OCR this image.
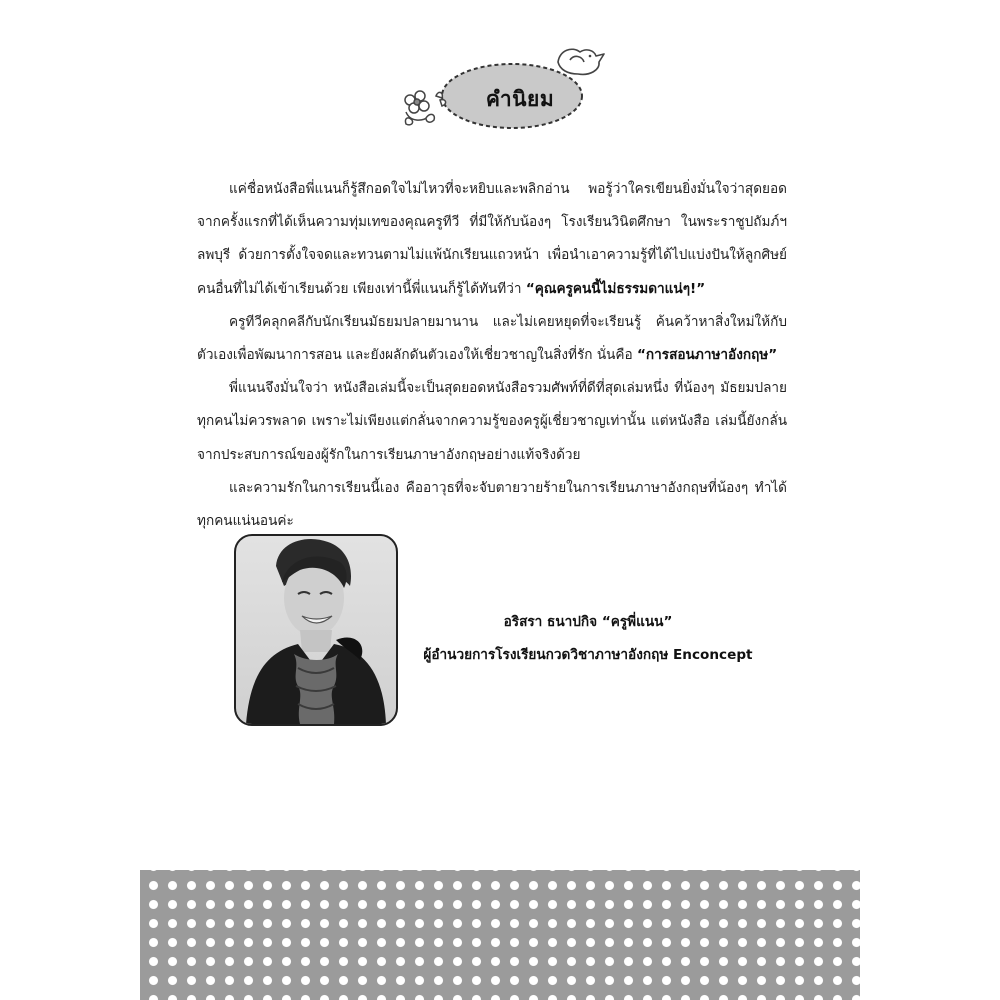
คำนิยม

แค่ชื่อหนังสือพี่แนนก็รู้สึกอดใจไม่ไหวที่จะหยิบและพลิกอ่าน พอรู้ว่าใครเขียนยิ่งมั่นใจว่าสุดยอด จากครั้งแรกที่ได้เห็นความทุ่มเทของคุณครูทีวี ที่มีให้กับน้องๆ โรงเรียนวินิตศึกษา ในพระราชูปถัมภ์ฯ ลพบุรี ด้วยการตั้งใจจดและทวนตามไม่แพ้นักเรียนแถวหน้า เพื่อนำเอาความรู้ที่ได้ไปแบ่งปันให้ลูกศิษย์ คนอื่นที่ไม่ได้เข้าเรียนด้วย เพียงเท่านี้พี่แนนก็รู้ได้ทันทีว่า “คุณครูคนนี้ไม่ธรรมดาแน่ๆ!”

ครูทีวีคลุกคลีกับนักเรียนมัธยมปลายมานาน และไม่เคยหยุดที่จะเรียนรู้ ค้นคว้าหาสิ่งใหม่ให้กับ ตัวเองเพื่อพัฒนาการสอน และยังผลักดันตัวเองให้เชี่ยวชาญในสิ่งที่รัก นั่นคือ “การสอนภาษาอังกฤษ”

พี่แนนจึงมั่นใจว่า หนังสือเล่มนี้จะเป็นสุดยอดหนังสือรวมศัพท์ที่ดีที่สุดเล่มหนึ่ง ที่น้องๆ มัธยมปลายทุกคนไม่ควรพลาด เพราะไม่เพียงแต่กลั่นจากความรู้ของครูผู้เชี่ยวชาญเท่านั้น แต่หนังสือ เล่มนี้ยังกลั่นจากประสบการณ์ของผู้รักในการเรียนภาษาอังกฤษอย่างแท้จริงด้วย

และความรักในการเรียนนี้เอง คืออาวุธที่จะจับตายวายร้ายในการเรียนภาษาอังกฤษที่น้องๆ ทำได้ทุกคนแน่นอนค่ะ

อริสรา ธนาปกิจ “ครูพี่แนน”
ผู้อำนวยการโรงเรียนกวดวิชาภาษาอังกฤษ Enconcept
